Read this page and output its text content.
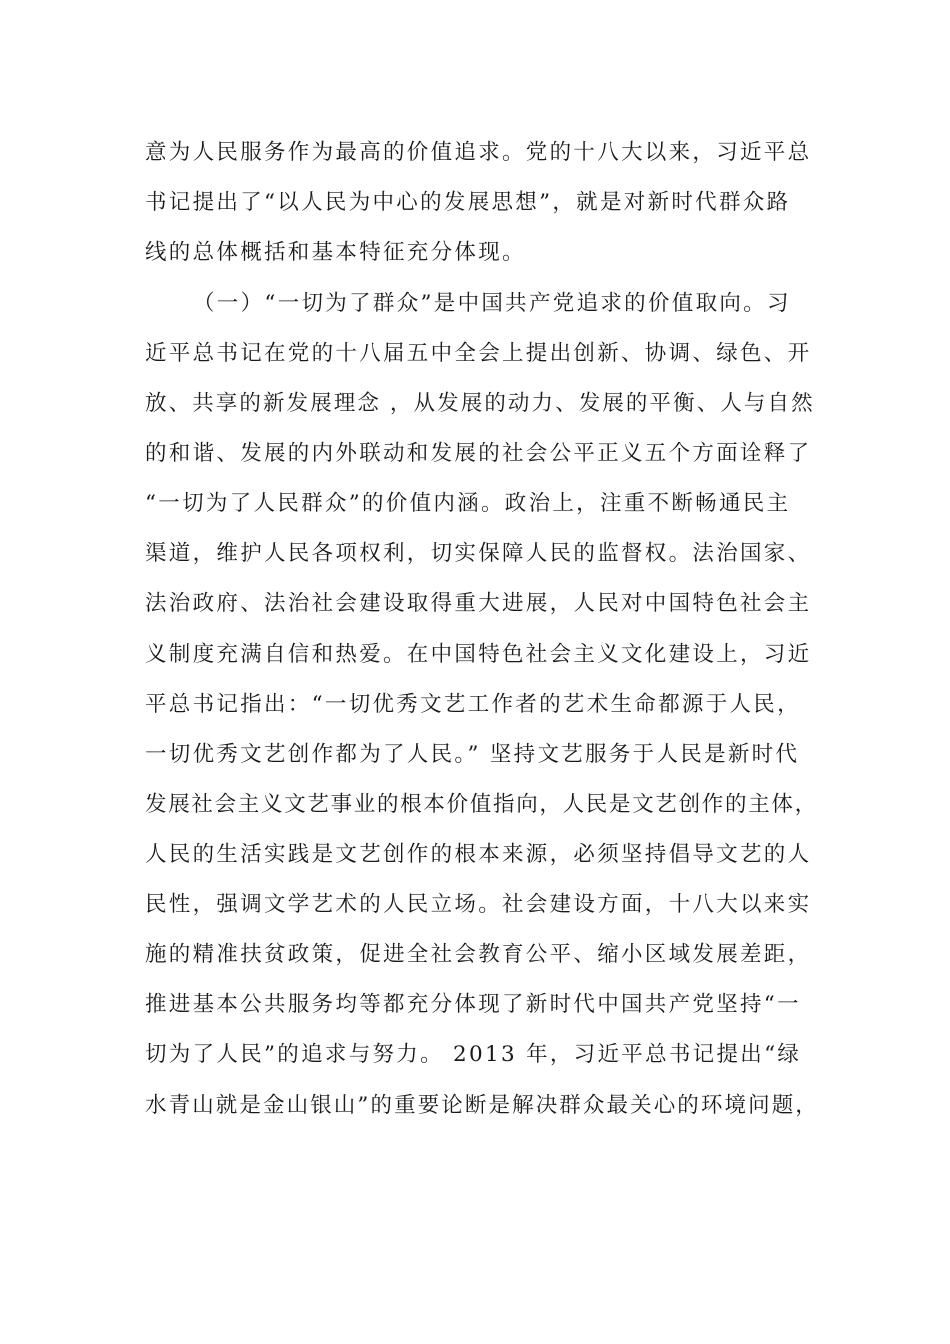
意为人民服务作为最高的价值追求。党的十八大以来，习近平总
书记提出了“以人民为中心的发展思想”，就是对新时代群众路
线的总体概括和基本特征充分体现。
（一）“一切为了群众”是中国共产党追求的价值取向。习
近平总书记在党的十八届五中全会上提出创新、协调、绿色、开
放、共享的新发展理念 ，从发展的动力、发展的平衡、人与自然
的和谐、发展的内外联动和发展的社会公平正义五个方面诠释了
“一切为了人民群众”的价值内涵。政治上，注重不断畅通民主
渠道，维护人民各项权利，切实保障人民的监督权。法治国家、
法治政府、法治社会建设取得重大进展，人民对中国特色社会主
义制度充满自信和热爱。在中国特色社会主义文化建设上，习近
平总书记指出：“一切优秀文艺工作者的艺术生命都源于人民，
一切优秀文艺创作都为了人民。” 坚持文艺服务于人民是新时代
发展社会主义文艺事业的根本价值指向，人民是文艺创作的主体，
人民的生活实践是文艺创作的根本来源，必须坚持倡导文艺的人
民性，强调文学艺术的人民立场。社会建设方面，十八大以来实
施的精准扶贫政策，促进全社会教育公平、缩小区域发展差距，
推进基本公共服务均等都充分体现了新时代中国共产党坚持“一
切为了人民”的追求与努力。 2013 年，习近平总书记提出“绿
水青山就是金山银山”的重要论断是解决群众最关心的环境问题，
